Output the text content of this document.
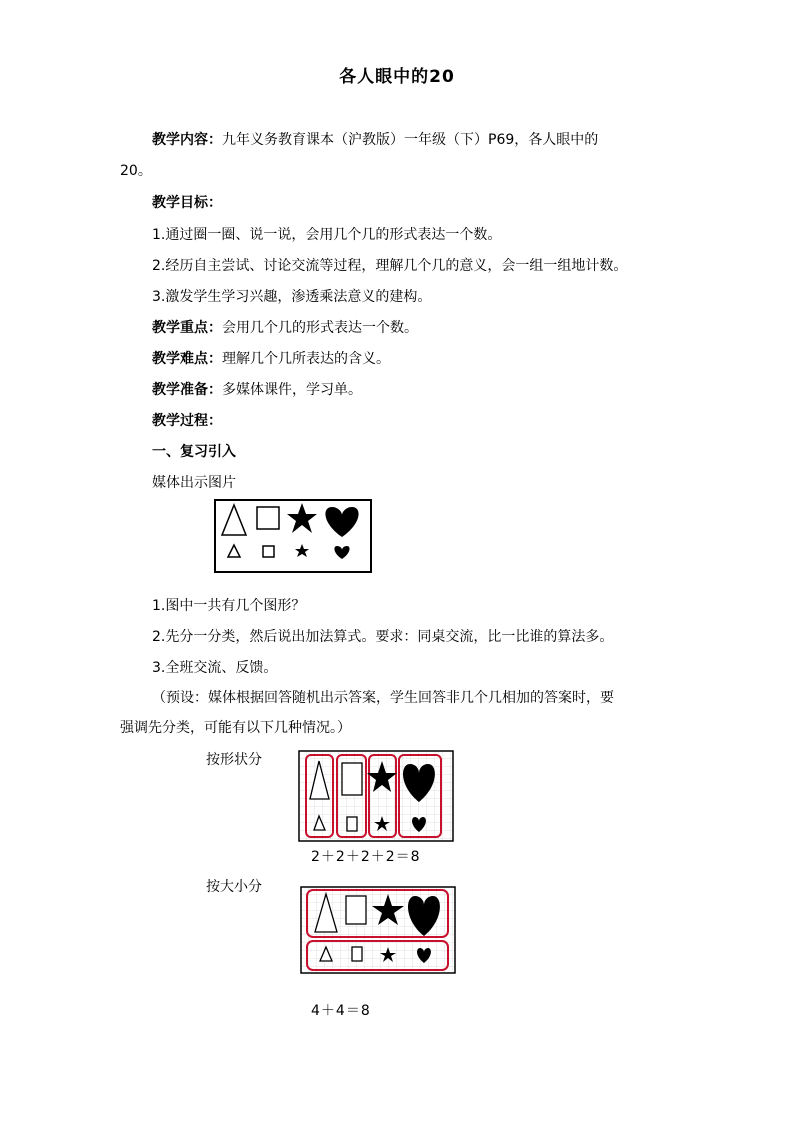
各人眼中的20
教学内容：九年义务教育课本（沪教版）一年级（下）P69，各人眼中的
20。
教学目标：
1.通过圈一圈、说一说，会用几个几的形式表达一个数。
2.经历自主尝试、讨论交流等过程，理解几个几的意义，会一组一组地计数。
3.激发学生学习兴趣，渗透乘法意义的建构。
教学重点：会用几个几的形式表达一个数。
教学难点：理解几个几所表达的含义。
教学准备：多媒体课件，学习单。
教学过程：
一、复习引入
媒体出示图片
1.图中一共有几个图形？
2.先分一分类，然后说出加法算式。要求：同桌交流，比一比谁的算法多。
3.全班交流、反馈。
（预设：媒体根据回答随机出示答案，学生回答非几个几相加的答案时，要
强调先分类，可能有以下几种情况。）
按形状分
2＋2＋2＋2＝8
按大小分
4＋4＝8
